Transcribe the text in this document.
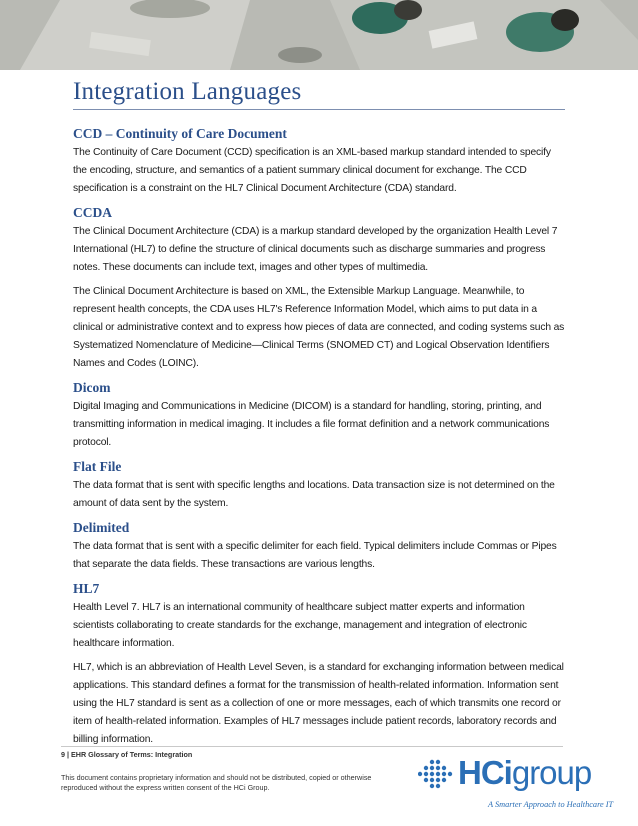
Integration Languages
CCD – Continuity of Care Document

The Continuity of Care Document (CCD) specification is an XML-based markup standard intended to specify the encoding, structure, and semantics of a patient summary clinical document for exchange. The CCD specification is a constraint on the HL7 Clinical Document Architecture (CDA) standard.

CCDA

The Clinical Document Architecture (CDA) is a markup standard developed by the organization Health Level 7 International (HL7) to define the structure of clinical documents such as discharge summaries and progress notes. These documents can include text, images and other types of multimedia.

The Clinical Document Architecture is based on XML, the Extensible Markup Language. Meanwhile, to represent health concepts, the CDA uses HL7's Reference Information Model, which aims to put data in a clinical or administrative context and to express how pieces of data are connected, and coding systems such as Systematized Nomenclature of Medicine—Clinical Terms (SNOMED CT) and Logical Observation Identifiers Names and Codes (LOINC).

Dicom

Digital Imaging and Communications in Medicine (DICOM) is a standard for handling, storing, printing, and transmitting information in medical imaging. It includes a file format definition and a network communications protocol.

Flat File

The data format that is sent with specific lengths and locations. Data transaction size is not determined on the amount of data sent by the system.

Delimited

The data format that is sent with a specific delimiter for each field. Typical delimiters include Commas or Pipes that separate the data fields. These transactions are various lengths.

HL7

Health Level 7. HL7 is an international community of healthcare subject matter experts and information scientists collaborating to create standards for the exchange, management and integration of electronic healthcare information.

HL7, which is an abbreviation of Health Level Seven, is a standard for exchanging information between medical applications. This standard defines a format for the transmission of health-related information. Information sent using the HL7 standard is sent as a collection of one or more messages, each of which transmits one record or item of health-related information. Examples of HL7 messages include patient records, laboratory records and billing information.

9 | EHR Glossary of Terms: Integration
This document contains proprietary information and should not be distributed, copied or otherwise reproduced without the express written consent of the HCi Group.	HCigroup
A Smarter Approach to Healthcare IT
